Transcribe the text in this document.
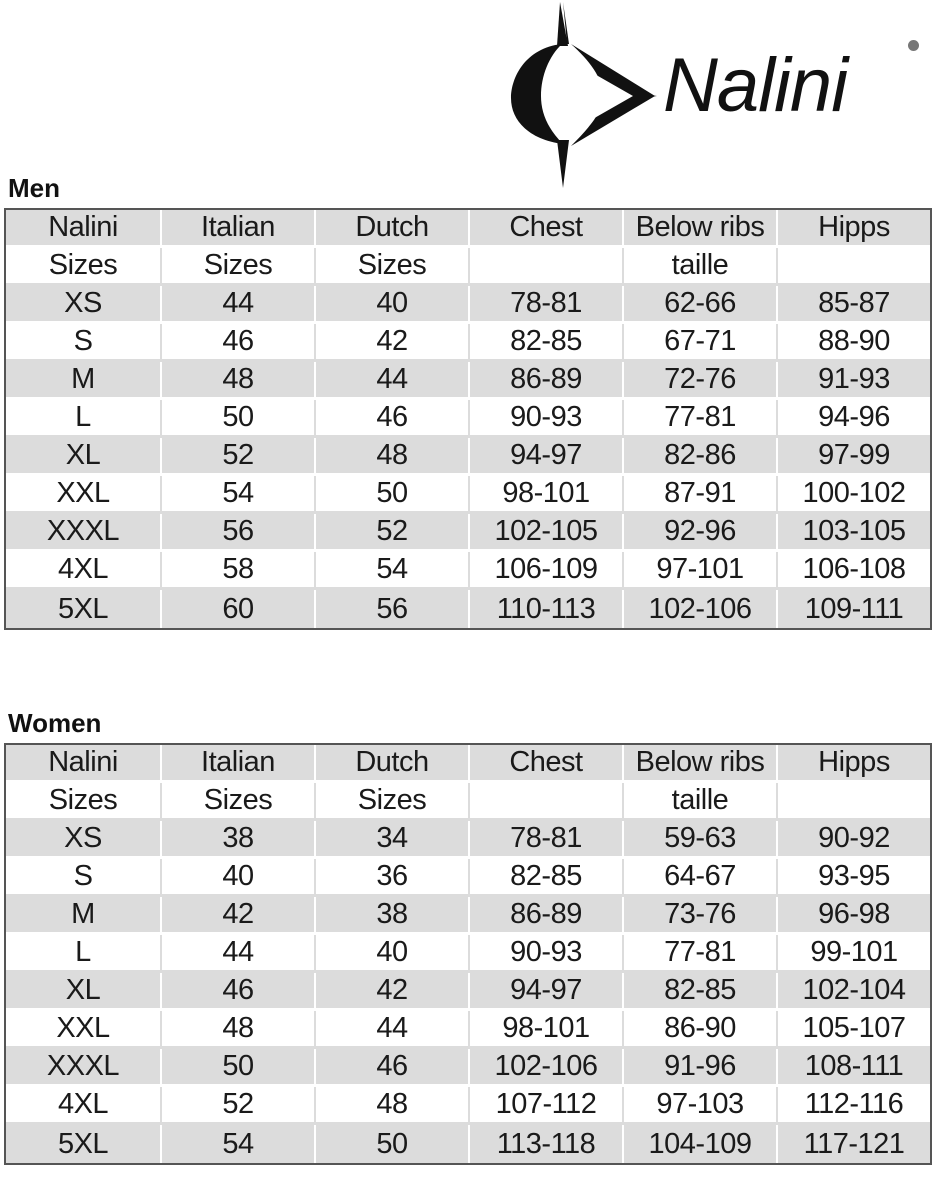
Nalini
Men
Nalini	Italian	Dutch	Chest	Below ribs	Hipps
Sizes	Sizes	Sizes		taille	
XS	44	40	78-81	62-66	85-87
S	46	42	82-85	67-71	88-90
M	48	44	86-89	72-76	91-93
L	50	46	90-93	77-81	94-96
XL	52	48	94-97	82-86	97-99
XXL	54	50	98-101	87-91	100-102
XXXL	56	52	102-105	92-96	103-105
4XL	58	54	106-109	97-101	106-108
5XL	60	56	110-113	102-106	109-111
Women
Nalini	Italian	Dutch	Chest	Below ribs	Hipps
Sizes	Sizes	Sizes		taille	
XS	38	34	78-81	59-63	90-92
S	40	36	82-85	64-67	93-95
M	42	38	86-89	73-76	96-98
L	44	40	90-93	77-81	99-101
XL	46	42	94-97	82-85	102-104
XXL	48	44	98-101	86-90	105-107
XXXL	50	46	102-106	91-96	108-111
4XL	52	48	107-112	97-103	112-116
5XL	54	50	113-118	104-109	117-121
